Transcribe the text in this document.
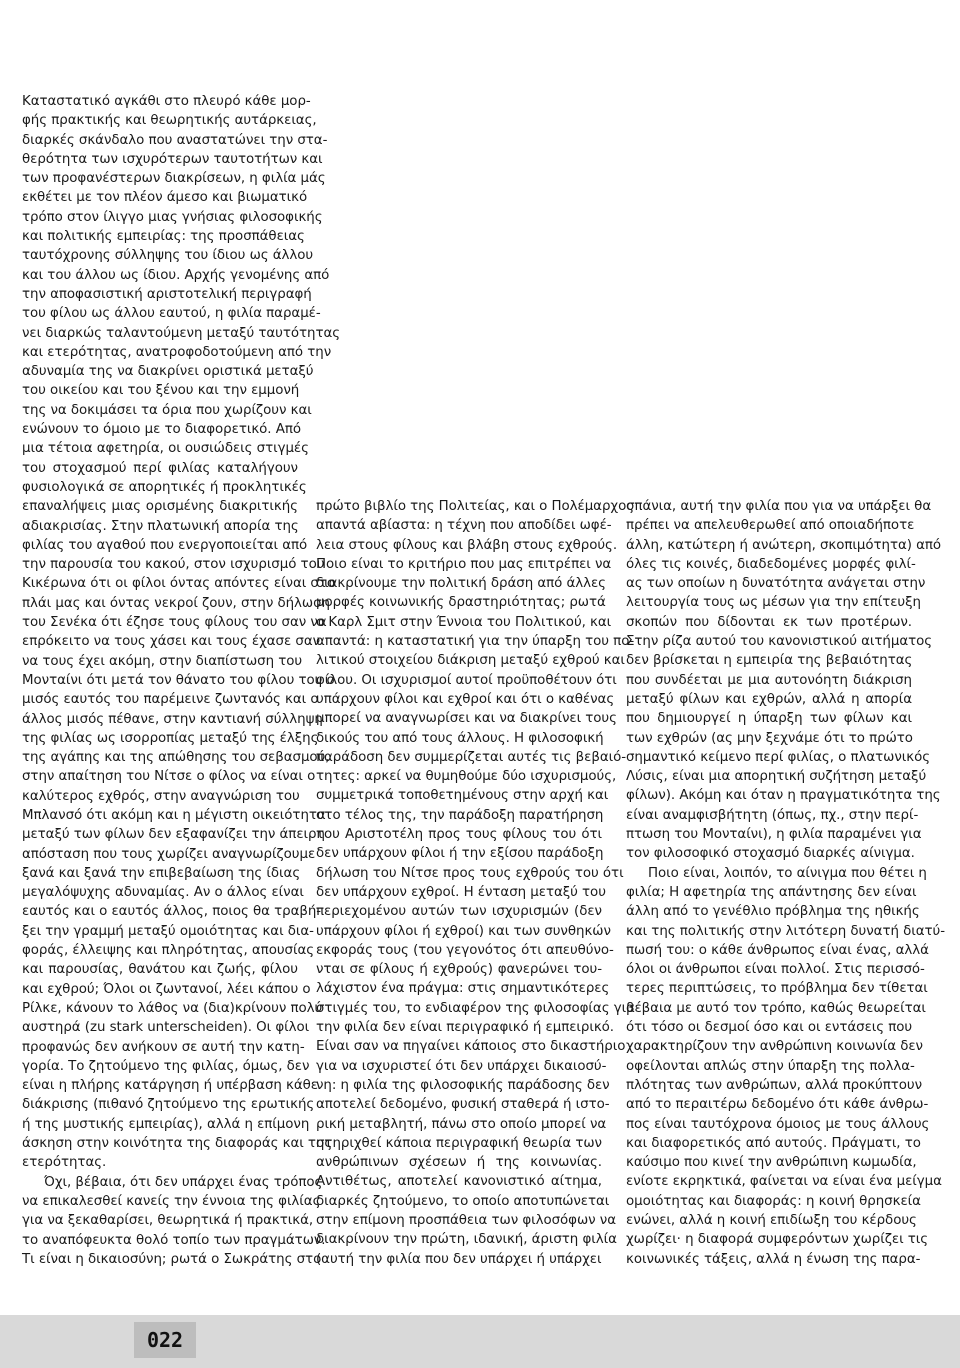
Καταστατικό αγκάθι στο πλευρό κάθε μορ-
φής πρακτικής και θεωρητικής αυτάρκειας,
διαρκές σκάνδαλο που αναστατώνει την στα-
θερότητα των ισχυρότερων ταυτοτήτων και
των προφανέστερων διακρίσεων, η φιλία μάς
εκθέτει με τον πλέον άμεσο και βιωματικό
τρόπο στον ίλιγγο μιας γνήσιας φιλοσοφικής
και πολιτικής εμπειρίας: της προσπάθειας
ταυτόχρονης σύλληψης του ίδιου ως άλλου
και του άλλου ως ίδιου. Αρχής γενομένης από
την αποφασιστική αριστοτελική περιγραφή
του φίλου ως άλλου εαυτού, η φιλία παραμέ-
νει διαρκώς ταλαντούμενη μεταξύ ταυτότητας
και ετερότητας, ανατροφοδοτούμενη από την
αδυναμία της να διακρίνει οριστικά μεταξύ
του οικείου και του ξένου και την εμμονή
της να δοκιμάσει τα όρια που χωρίζουν και
ενώνουν το όμοιο με το διαφορετικό. Από
μια τέτοια αφετηρία, οι ουσιώδεις στιγμές
του στοχασμού περί φιλίας καταλήγουν
φυσιολογικά σε απορητικές ή προκλητικές
επαναλήψεις μιας ορισμένης διακριτικής
αδιακρισίας. Στην πλατωνική απορία της
φιλίας του αγαθού που ενεργοποιείται από
την παρουσία του κακού, στον ισχυρισμό του
Κικέρωνα ότι οι φίλοι όντας απόντες είναι στο
πλάι μας και όντας νεκροί ζουν, στην δήλωση
του Σενέκα ότι έζησε τους φίλους του σαν να
επρόκειτο να τους χάσει και τους έχασε σαν
να τους έχει ακόμη, στην διαπίστωση του
Μονταίνι ότι μετά τον θάνατο του φίλου του ο
μισός εαυτός του παρέμεινε ζωντανός και ο
άλλος μισός πέθανε, στην καντιανή σύλληψη
της φιλίας ως ισορροπίας μεταξύ της έλξης
της αγάπης και της απώθησης του σεβασμού,
στην απαίτηση του Νίτσε ο φίλος να είναι ο
καλύτερος εχθρός, στην αναγνώριση του
Μπλανσό ότι ακόμη και η μέγιστη οικειότητα
μεταξύ των φίλων δεν εξαφανίζει την άπειρη
απόσταση που τους χωρίζει αναγνωρίζουμε
ξανά και ξανά την επιβεβαίωση της ίδιας
μεγαλόψυχης αδυναμίας. Αν ο άλλος είναι
εαυτός και ο εαυτός άλλος, ποιος θα τραβή-
ξει την γραμμή μεταξύ ομοιότητας και δια-
φοράς, έλλειψης και πληρότητας, απουσίας
και παρουσίας, θανάτου και ζωής, φίλου
και εχθρού; Όλοι οι ζωντανοί, λέει κάπου ο
Ρίλκε, κάνουν το λάθος να (δια)κρίνουν πολύ
αυστηρά (zu stark unterscheiden). Οι φίλοι
προφανώς δεν ανήκουν σε αυτή την κατη-
γορία. Το ζητούμενο της φιλίας, όμως, δεν
είναι η πλήρης κατάργηση ή υπέρβαση κάθε
διάκρισης (πιθανό ζητούμενο της ερωτικής
ή της μυστικής εμπειρίας), αλλά η επίμονη
άσκηση στην κοινότητα της διαφοράς και της
ετερότητας.

Όχι, βέβαια, ότι δεν υπάρχει ένας τρόπος
να επικαλεσθεί κανείς την έννοια της φιλίας
για να ξεκαθαρίσει, θεωρητικά ή πρακτικά,
το αναπόφευκτα θολό τοπίο των πραγμάτων.
Τι είναι η δικαιοσύνη; ρωτά ο Σωκράτης στο

πρώτο βιβλίο της Πολιτείας, και ο Πολέμαρχος
απαντά αβίαστα: η τέχνη που αποδίδει ωφέ-
λεια στους φίλους και βλάβη στους εχθρούς.
Ποιο είναι το κριτήριο που μας επιτρέπει να
διακρίνουμε την πολιτική δράση από άλλες
μορφές κοινωνικής δραστηριότητας; ρωτά
ο Καρλ Σμιτ στην Έννοια του Πολιτικού, και
απαντά: η καταστατική για την ύπαρξη του πο-
λιτικού στοιχείου διάκριση μεταξύ εχθρού και
φίλου. Οι ισχυρισμοί αυτοί προϋποθέτουν ότι
υπάρχουν φίλοι και εχθροί και ότι ο καθένας
μπορεί να αναγνωρίσει και να διακρίνει τους
δικούς του από τους άλλους. Η φιλοσοφική
παράδοση δεν συμμερίζεται αυτές τις βεβαιό-
τητες: αρκεί να θυμηθούμε δύο ισχυρισμούς,
συμμετρικά τοποθετημένους στην αρχή και
στο τέλος της, την παράδοξη παρατήρηση
του Αριστοτέλη προς τους φίλους του ότι
δεν υπάρχουν φίλοι ή την εξίσου παράδοξη
δήλωση του Νίτσε προς τους εχθρούς του ότι
δεν υπάρχουν εχθροί. Η ένταση μεταξύ του
περιεχομένου αυτών των ισχυρισμών (δεν
υπάρχουν φίλοι ή εχθροί) και των συνθηκών
εκφοράς τους (του γεγονότος ότι απευθύνο-
νται σε φίλους ή εχθρούς) φανερώνει του-
λάχιστον ένα πράγμα: στις σημαντικότερες
στιγμές του, το ενδιαφέρον της φιλοσοφίας για
την φιλία δεν είναι περιγραφικό ή εμπειρικό.
Είναι σαν να πηγαίνει κάποιος στο δικαστήριο
για να ισχυριστεί ότι δεν υπάρχει δικαιοσύ-
νη: η φιλία της φιλοσοφικής παράδοσης δεν
αποτελεί δεδομένο, φυσική σταθερά ή ιστο-
ρική μεταβλητή, πάνω στο οποίο μπορεί να
στηριχθεί κάποια περιγραφική θεωρία των
ανθρώπινων σχέσεων ή της κοινωνίας.
Αντιθέτως, αποτελεί κανονιστικό αίτημα,
διαρκές ζητούμενο, το οποίο αποτυπώνεται
στην επίμονη προσπάθεια των φιλοσόφων να
διακρίνουν την πρώτη, ιδανική, άριστη φιλία
(αυτή την φιλία που δεν υπάρχει ή υπάρχει

σπάνια, αυτή την φιλία που για να υπάρξει θα
πρέπει να απελευθερωθεί από οποιαδήποτε
άλλη, κατώτερη ή ανώτερη, σκοπιμότητα) από
όλες τις κοινές, διαδεδομένες μορφές φιλί-
ας των οποίων η δυνατότητα ανάγεται στην
λειτουργία τους ως μέσων για την επίτευξη
σκοπών που δίδονται εκ των προτέρων.
Στην ρίζα αυτού του κανονιστικού αιτήματος
δεν βρίσκεται η εμπειρία της βεβαιότητας
που συνδέεται με μια αυτονόητη διάκριση
μεταξύ φίλων και εχθρών, αλλά η απορία
που δημιουργεί η ύπαρξη των φίλων και
των εχθρών (ας μην ξεχνάμε ότι το πρώτο
σημαντικό κείμενο περί φιλίας, ο πλατωνικός
Λύσις, είναι μια απορητική συζήτηση μεταξύ
φίλων). Ακόμη και όταν η πραγματικότητα της
είναι αναμφισβήτητη (όπως, πχ., στην περί-
πτωση του Μονταίνι), η φιλία παραμένει για
τον φιλοσοφικό στοχασμό διαρκές αίνιγμα.

Ποιο είναι, λοιπόν, το αίνιγμα που θέτει η
φιλία; Η αφετηρία της απάντησης δεν είναι
άλλη από το γενέθλιο πρόβλημα της ηθικής
και της πολιτικής στην λιτότερη δυνατή διατύ-
πωσή του: ο κάθε άνθρωπος είναι ένας, αλλά
όλοι οι άνθρωποι είναι πολλοί. Στις περισσό-
τερες περιπτώσεις, το πρόβλημα δεν τίθεται
βέβαια με αυτό τον τρόπο, καθώς θεωρείται
ότι τόσο οι δεσμοί όσο και οι εντάσεις που
χαρακτηρίζουν την ανθρώπινη κοινωνία δεν
οφείλονται απλώς στην ύπαρξη της πολλα-
πλότητας των ανθρώπων, αλλά προκύπτουν
από το περαιτέρω δεδομένο ότι κάθε άνθρω-
πος είναι ταυτόχρονα όμοιος με τους άλλους
και διαφορετικός από αυτούς. Πράγματι, το
καύσιμο που κινεί την ανθρώπινη κωμωδία,
ενίοτε εκρηκτικά, φαίνεται να είναι ένα μείγμα
ομοιότητας και διαφοράς: η κοινή θρησκεία
ενώνει, αλλά η κοινή επιδίωξη του κέρδους
χωρίζει· η διαφορά συμφερόντων χωρίζει τις
κοινωνικές τάξεις, αλλά η ένωση της παρα-

022
